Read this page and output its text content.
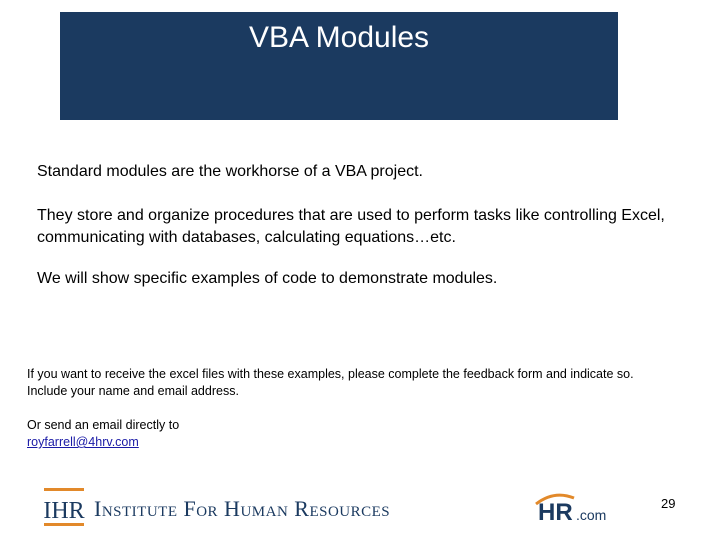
VBA Modules

Standard modules are the workhorse of a VBA project.

They store and organize procedures that are used to perform tasks like controlling Excel, communicating with databases, calculating equations…etc.

We will show specific examples of code to demonstrate modules.

If you want to receive the excel files with these examples, please complete the feedback form and indicate so. Include your name and email address.

Or send an email directly to
royfarrell@4hrv.com
IHR Institute For Human Resources	HR .com
29
